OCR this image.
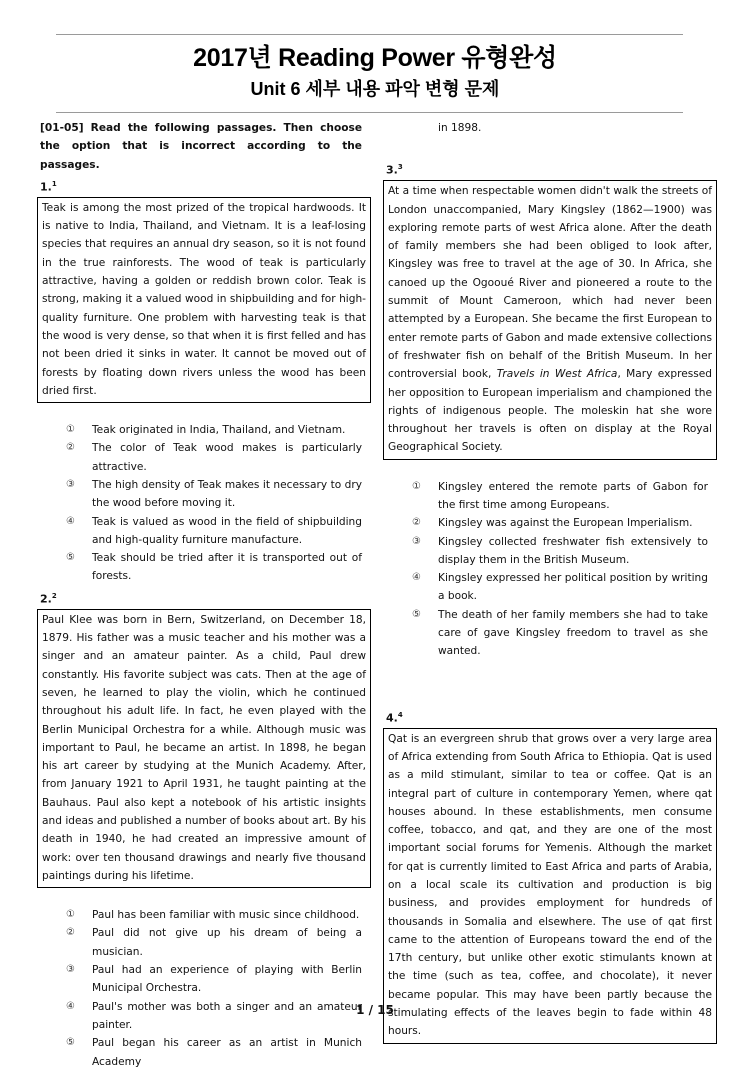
2017년 Reading Power 유형완성
Unit 6 세부 내용 파악 변형 문제
[01-05] Read the following passages. Then choose the option that is incorrect according to the passages.
1.$^1$
Teak is among the most prized of the tropical hardwoods. It is native to India, Thailand, and Vietnam. It is a leaf-losing species that requires an annual dry season, so it is not found in the true rainforests. The wood of teak is particularly attractive, having a golden or reddish brown color. Teak is strong, making it a valued wood in shipbuilding and for high-quality furniture. One problem with harvesting teak is that the wood is very dense, so that when it is first felled and has not been dried it sinks in water. It cannot be moved out of forests by floating down rivers unless the wood has been dried first.
①	Teak originated in India, Thailand, and Vietnam.
②	The color of Teak wood makes is particularly attractive.
③	The high density of Teak makes it necessary to dry the wood before moving it.
④	Teak is valued as wood in the field of shipbuilding and high-quality furniture manufacture.
⑤	Teak should be tried after it is transported out of forests.
2.$^2$
Paul Klee was born in Bern, Switzerland, on December 18, 1879. His father was a music teacher and his mother was a singer and an amateur painter. As a child, Paul drew constantly. His favorite subject was cats. Then at the age of seven, he learned to play the violin, which he continued throughout his adult life. In fact, he even played with the Berlin Municipal Orchestra for a while. Although music was important to Paul, he became an artist. In 1898, he began his art career by studying at the Munich Academy. After, from January 1921 to April 1931, he taught painting at the Bauhaus. Paul also kept a notebook of his artistic insights and ideas and published a number of books about art. By his death in 1940, he had created an impressive amount of work: over ten thousand drawings and nearly five thousand paintings during his lifetime.
①	Paul has been familiar with music since childhood.
②	Paul did not give up his dream of being a musician.
③	Paul had an experience of playing with Berlin Municipal Orchestra.
④	Paul's mother was both a singer and an amateur painter.
⑤	Paul began his career as an artist in Munich Academy
in 1898.
3.$^3$
At a time when respectable women didn't walk the streets of London unaccompanied, Mary Kingsley (1862—1900) was exploring remote parts of west Africa alone. After the death of family members she had been obliged to look after, Kingsley was free to travel at the age of 30. In Africa, she canoed up the Ogooué River and pioneered a route to the summit of Mount Cameroon, which had never been attempted by a European. She became the first European to enter remote parts of Gabon and made extensive collections of freshwater fish on behalf of the British Museum. In her controversial book, Travels in West Africa, Mary expressed her opposition to European imperialism and championed the rights of indigenous people. The moleskin hat she wore throughout her travels is often on display at the Royal Geographical Society.
①	Kingsley entered the remote parts of Gabon for the first time among Europeans.
②	Kingsley was against the European Imperialism.
③	Kingsley collected freshwater fish extensively to display them in the British Museum.
④	Kingsley expressed her political position by writing a book.
⑤	The death of her family members she had to take care of gave Kingsley freedom to travel as she wanted.
4.$^4$
Qat is an evergreen shrub that grows over a very large area of Africa extending from South Africa to Ethiopia. Qat is used as a mild stimulant, similar to tea or coffee. Qat is an integral part of culture in contemporary Yemen, where qat houses abound. In these establishments, men consume coffee, tobacco, and qat, and they are one of the most important social forums for Yemenis. Although the market for qat is currently limited to East Africa and parts of Arabia, on a local scale its cultivation and production is big business, and provides employment for hundreds of thousands in Somalia and elsewhere. The use of qat first came to the attention of Europeans toward the end of the 17th century, but unlike other exotic stimulants known at the time (such as tea, coffee, and chocolate), it never became popular. This may have been partly because the stimulating effects of the leaves begin to fade within 48 hours.
1 / 15
